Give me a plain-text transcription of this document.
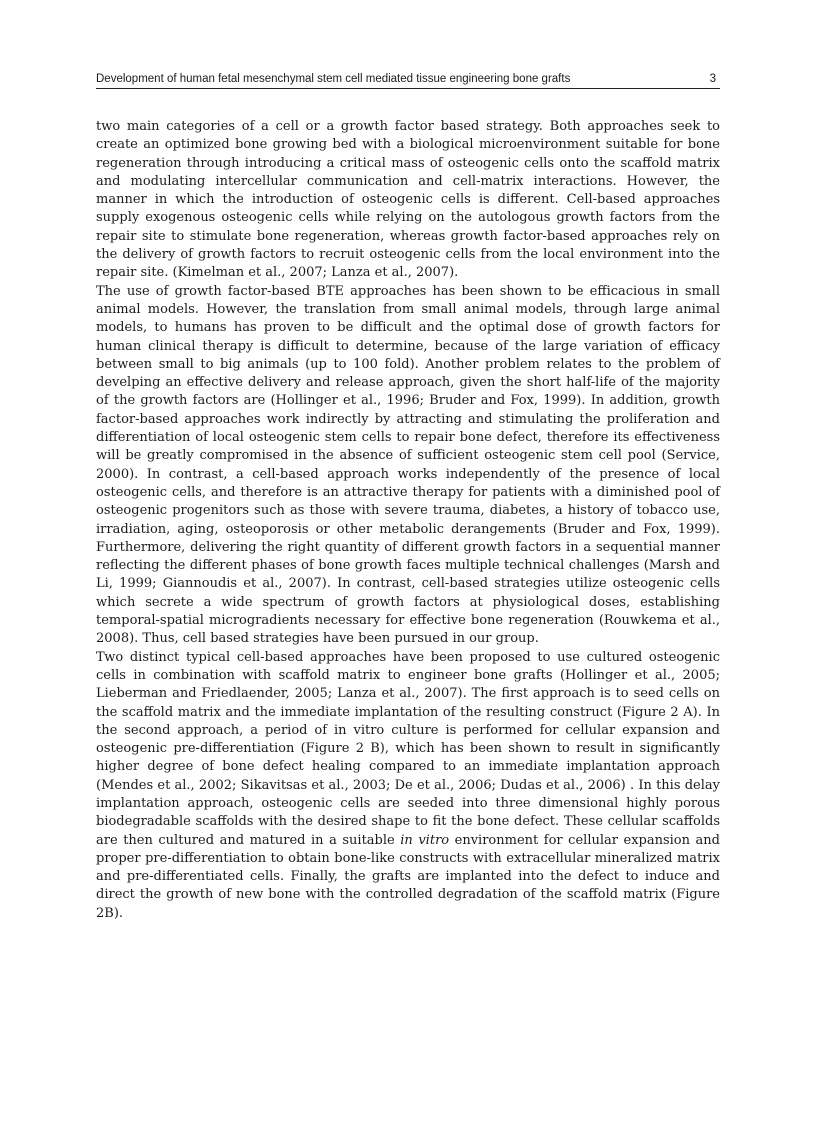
Development of human fetal mesenchymal stem cell mediated tissue engineering bone grafts	3

two main categories of a cell or a growth factor based strategy. Both approaches seek to create an optimized bone growing bed with a biological microenvironment suitable for bone regeneration through introducing a critical mass of osteogenic cells onto the scaffold matrix and modulating intercellular communication and cell-matrix interactions. However, the manner in which the introduction of osteogenic cells is different. Cell-based approaches supply exogenous osteogenic cells while relying on the autologous growth factors from the repair site to stimulate bone regeneration, whereas growth factor-based approaches rely on the delivery of growth factors to recruit osteogenic cells from the local environment into the repair site. (Kimelman et al., 2007; Lanza et al., 2007).

The use of growth factor-based BTE approaches has been shown to be efficacious in small animal models. However, the translation from small animal models, through large animal models, to humans has proven to be difficult and the optimal dose of growth factors for human clinical therapy is difficult to determine, because of the large variation of efficacy between small to big animals (up to 100 fold). Another problem relates to the problem of develping an effective delivery and release approach, given the short half-life of the majority of the growth factors are (Hollinger et al., 1996; Bruder and Fox, 1999). In addition, growth factor-based approaches work indirectly by attracting and stimulating the proliferation and differentiation of local osteogenic stem cells to repair bone defect, therefore its effectiveness will be greatly compromised in the absence of sufficient osteogenic stem cell pool (Service, 2000). In contrast, a cell-based approach works independently of the presence of local osteogenic cells, and therefore is an attractive therapy for patients with a diminished pool of osteogenic progenitors such as those with severe trauma, diabetes, a history of tobacco use, irradiation, aging, osteoporosis or other metabolic derangements (Bruder and Fox, 1999). Furthermore, delivering the right quantity of different growth factors in a sequential manner reflecting the different phases of bone growth faces multiple technical challenges (Marsh and Li, 1999; Giannoudis et al., 2007). In contrast, cell-based strategies utilize osteogenic cells which secrete a wide spectrum of growth factors at physiological doses, establishing temporal-spatial microgradients necessary for effective bone regeneration (Rouwkema et al., 2008). Thus, cell based strategies have been pursued in our group.

Two distinct typical cell-based approaches have been proposed to use cultured osteogenic cells in combination with scaffold matrix to engineer bone grafts (Hollinger et al., 2005; Lieberman and Friedlaender, 2005; Lanza et al., 2007). The first approach is to seed cells on the scaffold matrix and the immediate implantation of the resulting construct (Figure 2 A). In the second approach, a period of in vitro culture is performed for cellular expansion and osteogenic pre-differentiation (Figure 2 B), which has been shown to result in significantly higher degree of bone defect healing compared to an immediate implantation approach (Mendes et al., 2002; Sikavitsas et al., 2003; De et al., 2006; Dudas et al., 2006) . In this delay implantation approach, osteogenic cells are seeded into three dimensional highly porous biodegradable scaffolds with the desired shape to fit the bone defect. These cellular scaffolds are then cultured and matured in a suitable in vitro environment for cellular expansion and proper pre-differentiation to obtain bone-like constructs with extracellular mineralized matrix and pre-differentiated cells. Finally, the grafts are implanted into the defect to induce and direct the growth of new bone with the controlled degradation of the scaffold matrix (Figure 2B).
